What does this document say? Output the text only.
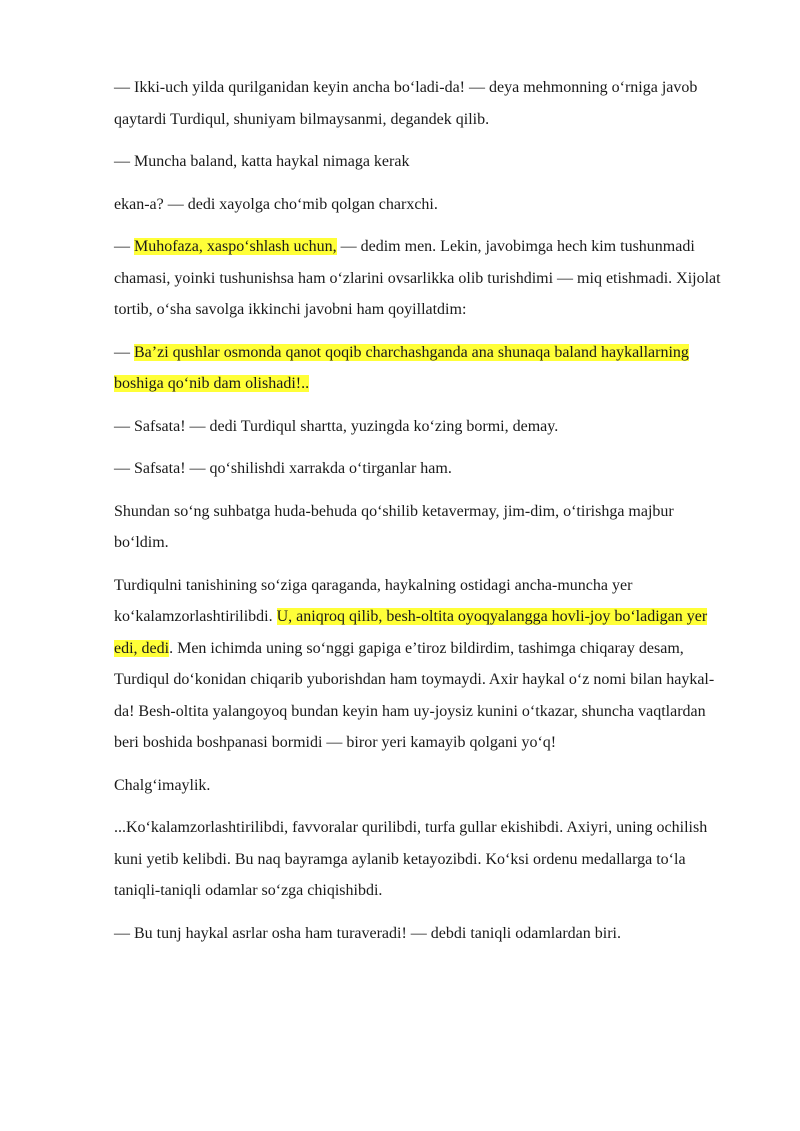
— Ikki-uch yilda qurilganidan keyin ancha boʻladi-da! — deya mehmonning oʻrniga javob qaytardi Turdiqul, shuniyam bilmaysanmi, degandek qilib.

— Muncha baland, katta haykal nimaga kerak

ekan-a? — dedi xayolga choʻmib qolgan charxchi.

— Muhofaza, xaspoʻshlash uchun, — dedim men. Lekin, javobimga hech kim tushunmadi chamasi, yoinki tushunishsa ham oʻzlarini ovsarlikka olib turishdimi — miq etishmadi. Xijolat tortib, oʻsha savolga ikkinchi javobni ham qoyillatdim:

— Ba’zi qushlar osmonda qanot qoqib charchashganda ana shunaqa baland haykallarning boshiga qoʻnib dam olishadi!..

— Safsata! — dedi Turdiqul shartta, yuzingda koʻzing bormi, demay.

— Safsata! — qoʻshilishdi xarrakda oʻtirganlar ham.

Shundan soʻng suhbatga huda-behuda qoʻshilib ketavermay, jim-dim, oʻtirishga majbur boʻldim.

Turdiqulni tanishining soʻziga qaraganda, haykalning ostidagi ancha-muncha yer koʻkalamzorlashtirilibdi. U, aniqroq qilib, besh-oltita oyoqyalangga hovli-joy boʻladigan yer edi, dedi. Men ichimda uning soʻnggi gapiga e’tiroz bildirdim, tashimga chiqaray desam, Turdiqul doʻkonidan chiqarib yuborishdan ham toymaydi. Axir haykal oʻz nomi bilan haykal-da! Besh-oltita yalangoyoq bundan keyin ham uy-joysiz kunini oʻtkazar, shuncha vaqtlardan beri boshida boshpanasi bormidi — biror yeri kamayib qolgani yoʻq!

Chalgʻimaylik.

...Koʻkalamzorlashtirilibdi, favvoralar qurilibdi, turfa gullar ekishibdi. Axiyri, uning ochilish kuni yetib kelibdi. Bu naq bayramga aylanib ketayozibdi. Koʻksi ordenu medallarga toʻla taniqli-taniqli odamlar soʻzga chiqishibdi.

— Bu tunj haykal asrlar osha ham turaveradi! — debdi taniqli odamlardan biri.
